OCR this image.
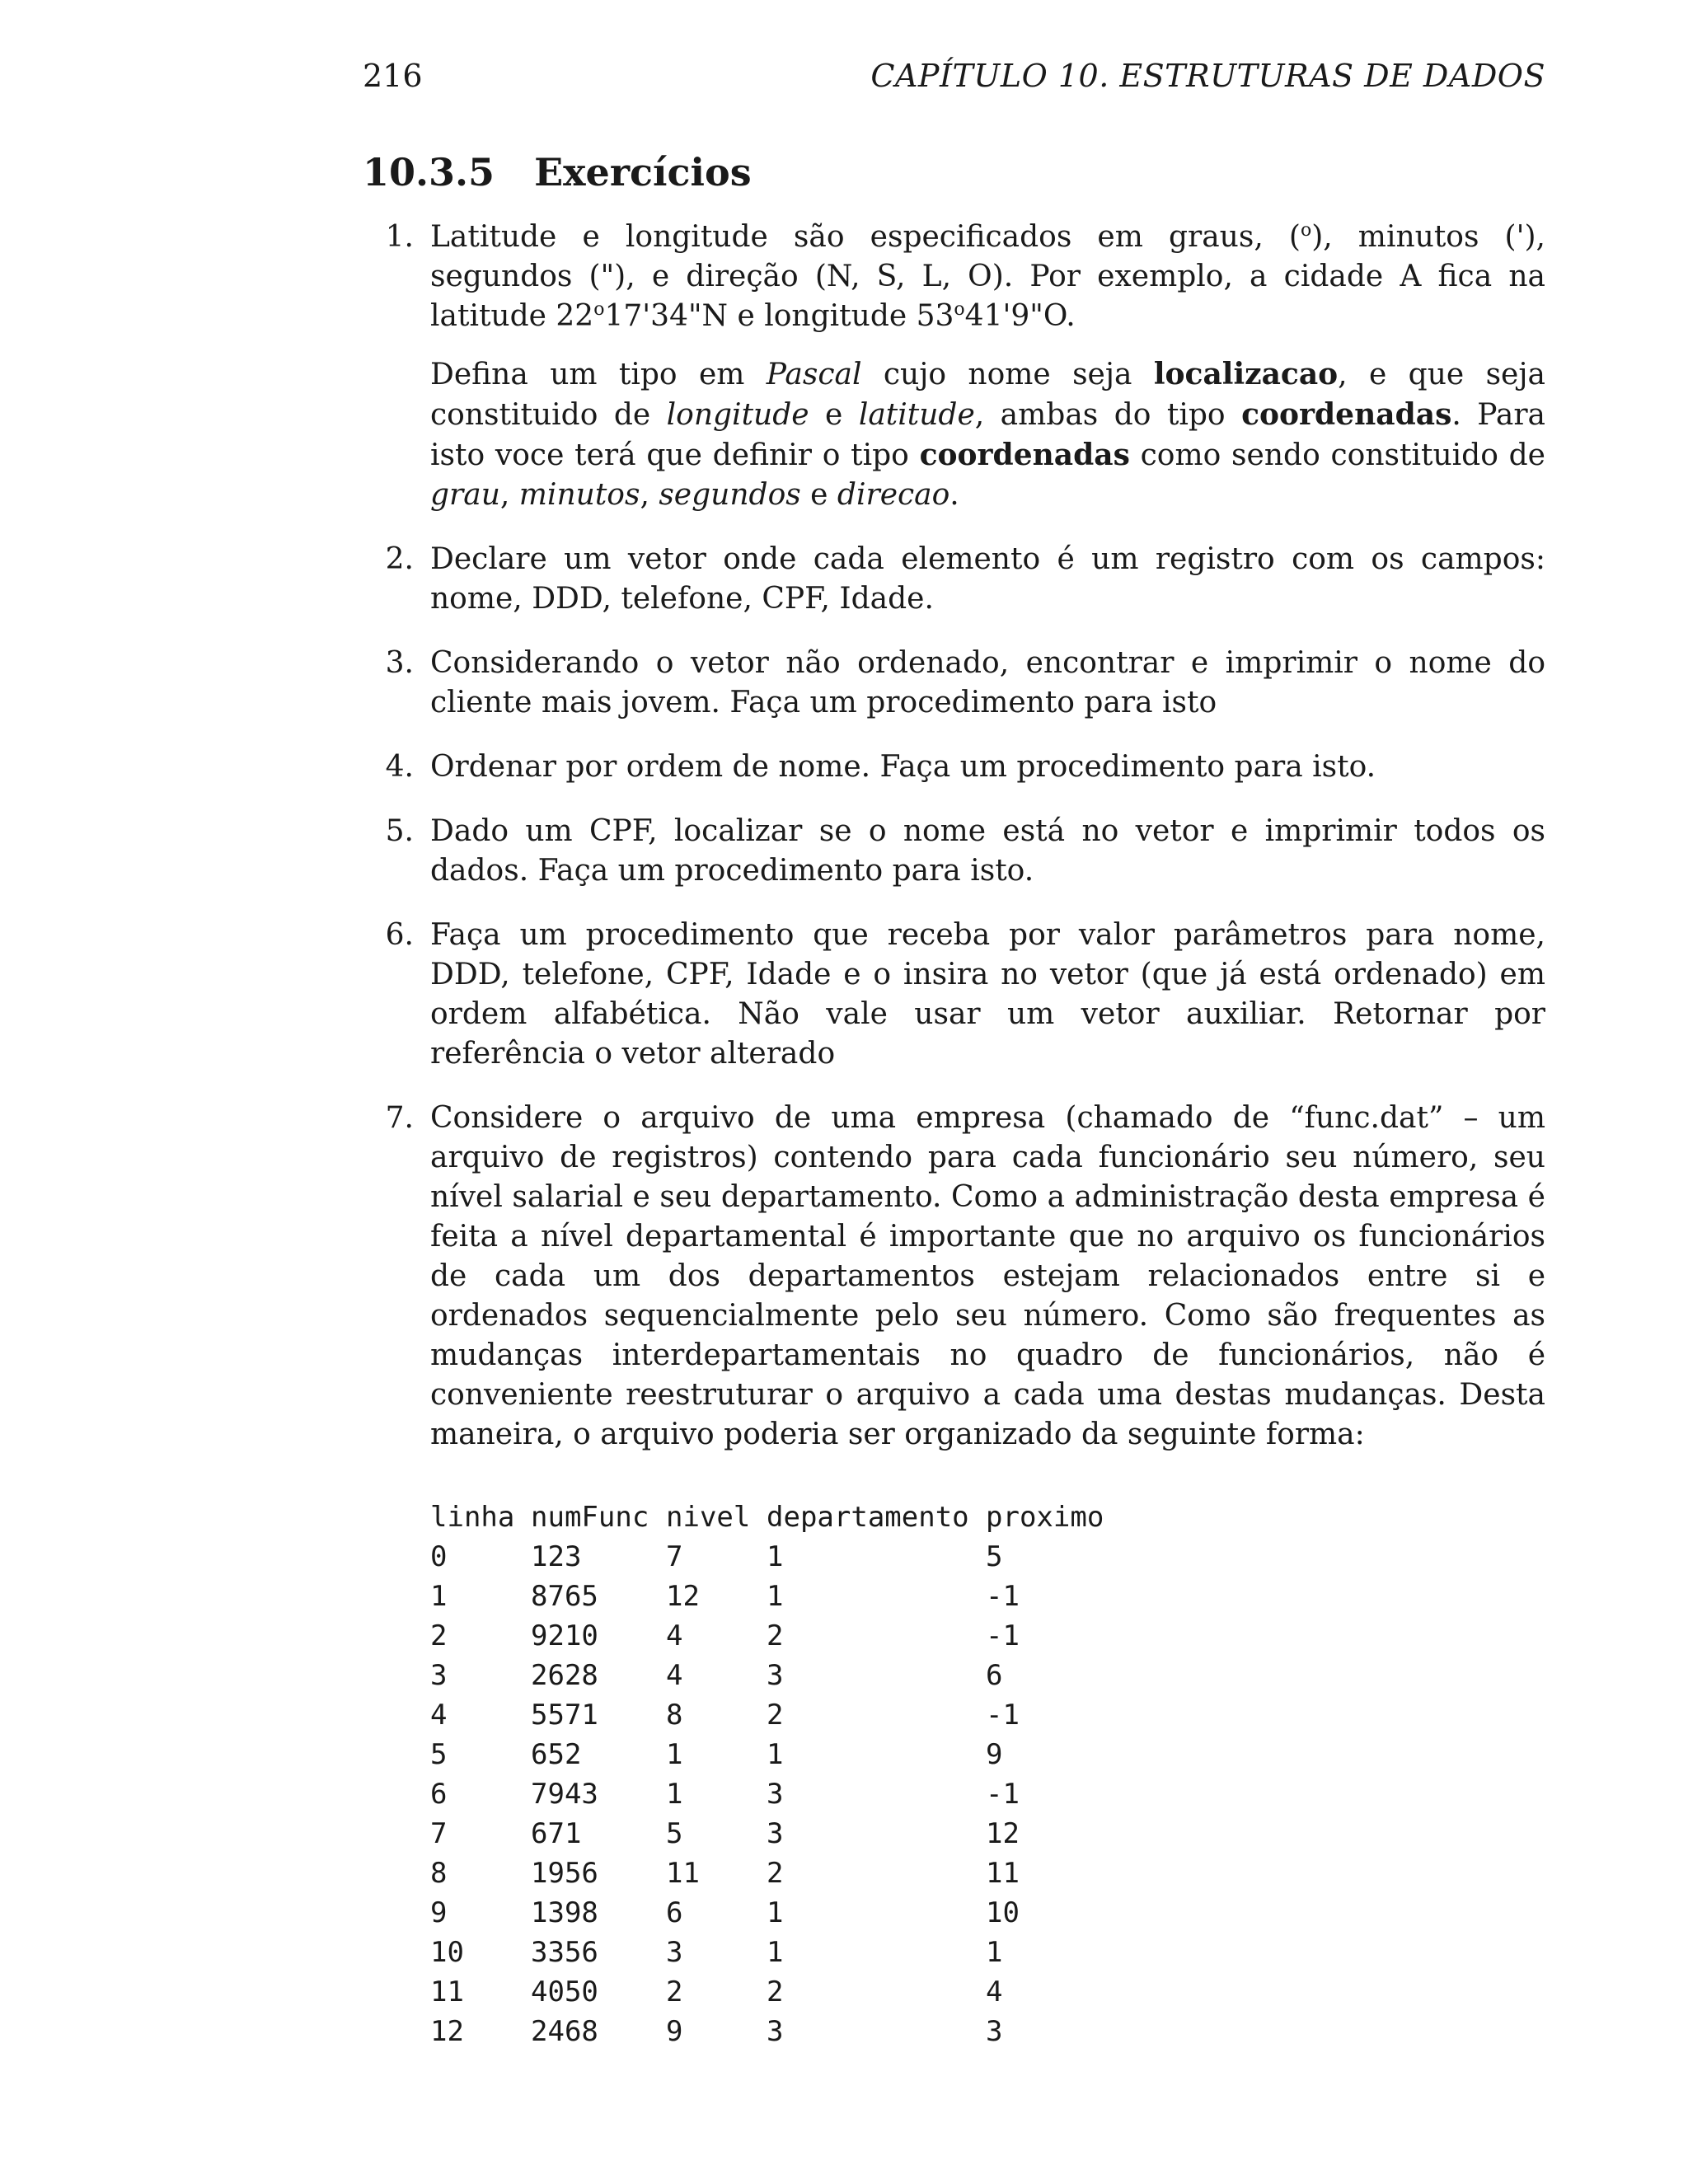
216	CAPÍTULO 10. ESTRUTURAS DE DADOS
10.3.5 Exercícios
1. Latitude e longitude são especificados em graus, ($^o$), minutos ('), segundos ("), e direção (N, S, L, O). Por exemplo, a cidade A fica na latitude 22$^o$17'34"N e longitude 53$^o$41'9"O.

Defina um tipo em Pascal cujo nome seja localizacao, e que seja constituido de longitude e latitude, ambas do tipo coordenadas. Para isto voce terá que definir o tipo coordenadas como sendo constituido de grau, minutos, segundos e direcao.

2. Declare um vetor onde cada elemento é um registro com os campos: nome, DDD, telefone, CPF, Idade.

3. Considerando o vetor não ordenado, encontrar e imprimir o nome do cliente mais jovem. Faça um procedimento para isto

4. Ordenar por ordem de nome. Faça um procedimento para isto.

5. Dado um CPF, localizar se o nome está no vetor e imprimir todos os dados. Faça um procedimento para isto.

6. Faça um procedimento que receba por valor parâmetros para nome, DDD, telefone, CPF, Idade e o insira no vetor (que já está ordenado) em ordem alfabética. Não vale usar um vetor auxiliar. Retornar por referência o vetor alterado

7. Considere o arquivo de uma empresa (chamado de “func.dat” – um arquivo de registros) contendo para cada funcionário seu número, seu nível salarial e seu departamento. Como a administração desta empresa é feita a nível departamental é importante que no arquivo os funcionários de cada um dos departamentos estejam relacionados entre si e ordenados sequencialmente pelo seu número. Como são frequentes as mudanças interdepartamentais no quadro de funcionários, não é conveniente reestruturar o arquivo a cada uma destas mudanças. Desta maneira, o arquivo poderia ser organizado da seguinte forma:

linha	numFunc	nivel	departamento	proximo
0	123	7	1	5
1	8765	12	1	-1
2	9210	4	2	-1
3	2628	4	3	6
4	5571	8	2	-1
5	652	1	1	9
6	7943	1	3	-1
7	671	5	3	12
8	1956	11	2	11
9	1398	6	1	10
10	3356	3	1	1
11	4050	2	2	4
12	2468	9	3	3
